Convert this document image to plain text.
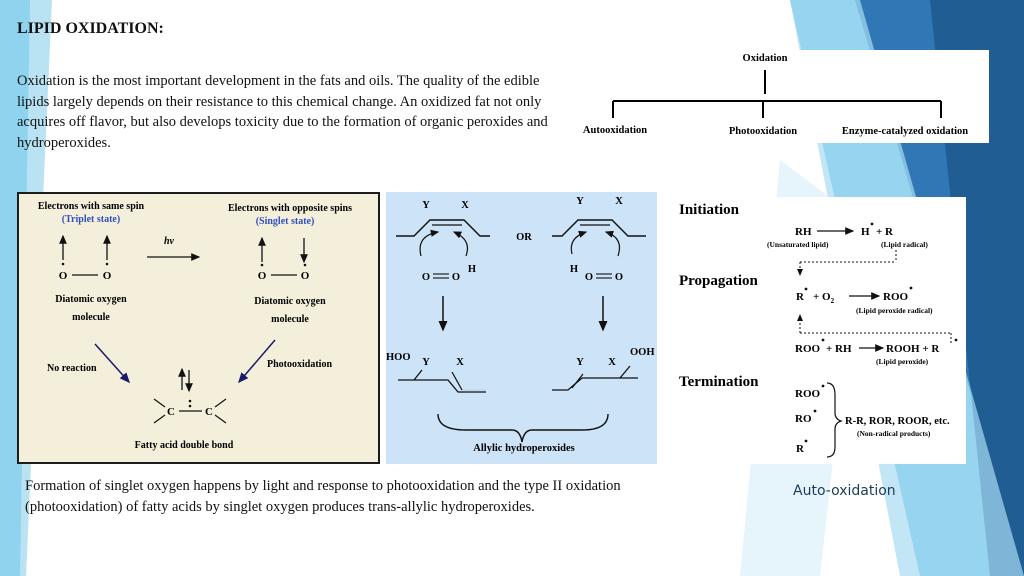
LIPID OXIDATION:
Oxidation is the most important development in the fats and oils. The quality of the edible lipids largely depends on their resistance to this chemical change. An oxidized fat not only acquires off flavor, but also develops toxicity due to the formation of organic peroxides and hydroperoxides.
Oxidation
Autooxidation	Photooxidation	Enzyme-catalyzed oxidation
Electrons with same spin
(Triplet state)
Electrons with opposite spins
(Singlet state)
O	O
hν
O	O
Diatomic oxygen
molecule
Diatomic oxygen
molecule
No reaction	Photooxidation
C	C
Fatty acid double bond
Y	X
O O
H
OR
Y	X
H
O O
HOO Y	X	Y X
OOH
Allylic hydroperoxides
Initiation
RH	H + R
(Unsaturated lipid)	(Lipid radical)
Propagation
$R + O_2$	ROO
(Lipid peroxide radical)
ROO + RH	ROOH + R
(Lipid peroxide)
Termination
ROO
RO
R
R-R, ROR, ROOR, etc.
(Non-radical products)
Formation of singlet oxygen happens by light and response to photooxidation and the type II oxidation (photooxidation) of fatty acids by singlet oxygen produces trans-allylic hydroperoxides.
Auto-oxidation
